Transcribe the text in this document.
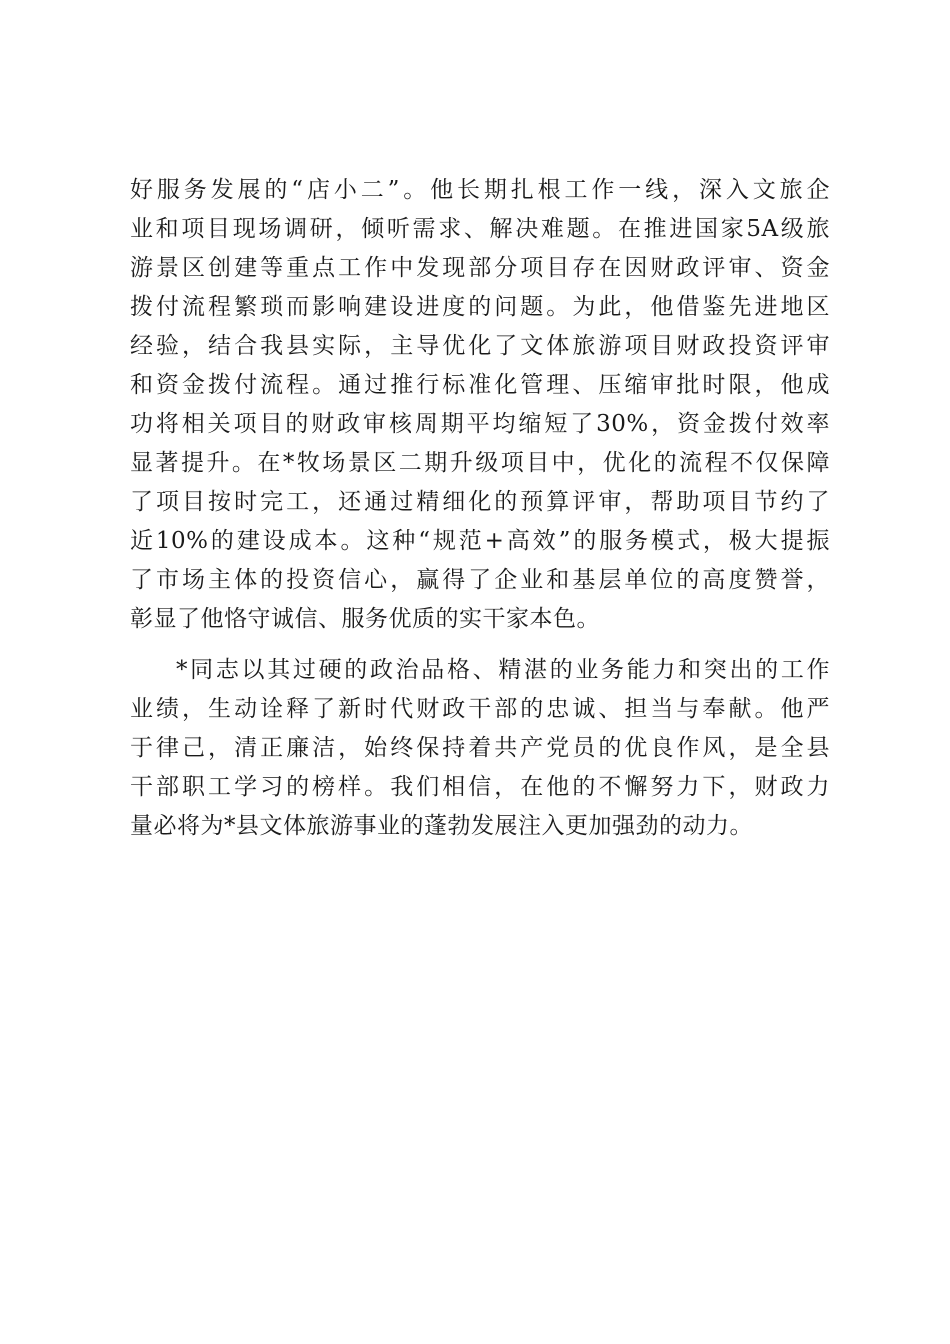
好服务发展的“店小二”。他长期扎根工作一线，深入文旅企
业和项目现场调研，倾听需求、解决难题。在推进国家5A级旅
游景区创建等重点工作中发现部分项目存在因财政评审、资金
拨付流程繁琐而影响建设进度的问题。为此，他借鉴先进地区
经验，结合我县实际，主导优化了文体旅游项目财政投资评审
和资金拨付流程。通过推行标准化管理、压缩审批时限，他成
功将相关项目的财政审核周期平均缩短了30%，资金拨付效率
显著提升。在*牧场景区二期升级项目中，优化的流程不仅保障
了项目按时完工，还通过精细化的预算评审，帮助项目节约了
近10%的建设成本。这种“规范+高效”的服务模式，极大提振
了市场主体的投资信心，赢得了企业和基层单位的高度赞誉，
彰显了他恪守诚信、服务优质的实干家本色。
*同志以其过硬的政治品格、精湛的业务能力和突出的工作
业绩，生动诠释了新时代财政干部的忠诚、担当与奉献。他严
于律己，清正廉洁，始终保持着共产党员的优良作风，是全县
干部职工学习的榜样。我们相信，在他的不懈努力下，财政力
量必将为*县文体旅游事业的蓬勃发展注入更加强劲的动力。
